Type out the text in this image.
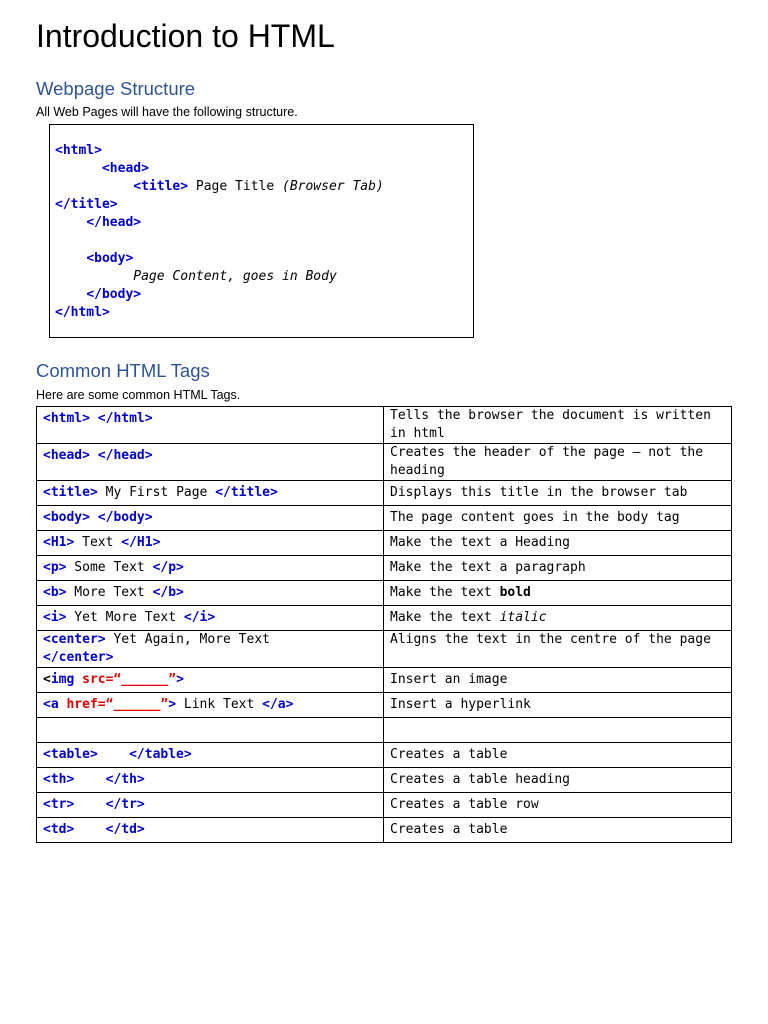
Introduction to HTML
Webpage Structure

All Web Pages will have the following structure.

<html>
<head>
<title> Page Title (Browser Tab)
</title>
</head>
<body>
Page Content, goes in Body
</body>
</html>
Common HTML Tags

Here are some common HTML Tags.

<html> </html>	Tells the browser the document is written in html
<head> </head>	Creates the header of the page – not the heading
<title> My First Page </title>	Displays this title in the browser tab
<body> </body>	The page content goes in the body tag
<H1> Text </H1>	Make the text a Heading
<p> Some Text </p>	Make the text a paragraph
<b> More Text </b>	Make the text bold
<i> Yet More Text </i>	Make the text italic
<center> Yet Again, More Text
</center>	Aligns the text in the centre of the page
<img src=“______”>	Insert an image
<a href=“______”> Link Text </a>	Insert a hyperlink

<table>    </table>	Creates a table
<th>    </th>	Creates a table heading
<tr>    </tr>	Creates a table row
<td>    </td>	Creates a table
